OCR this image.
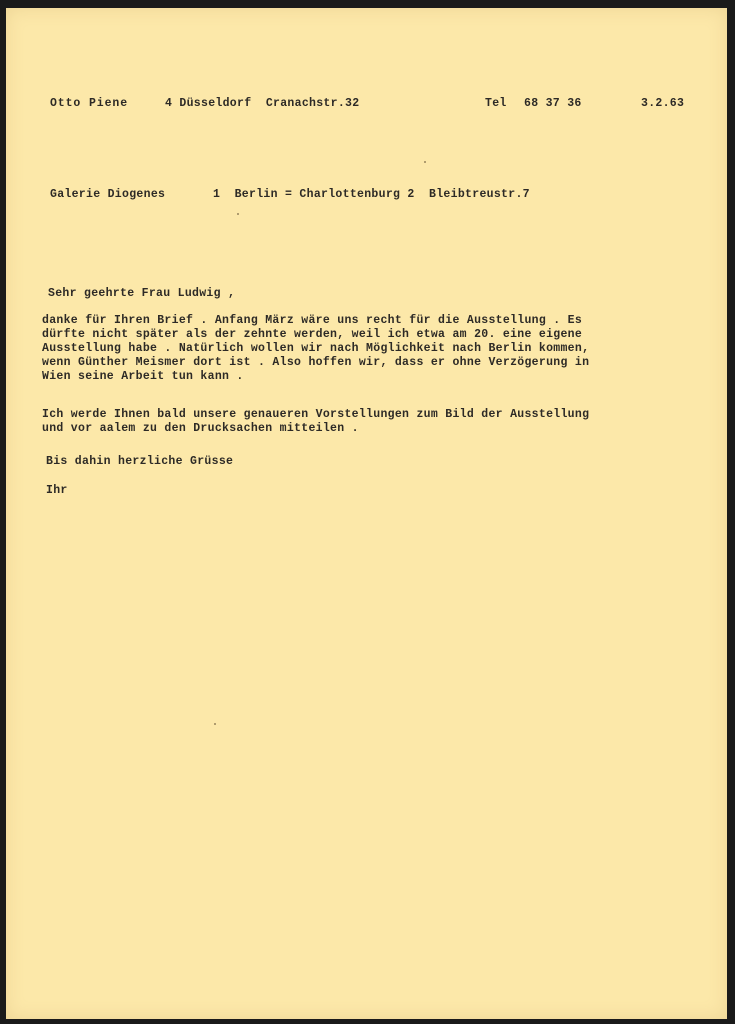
Otto Piene	4 Düsseldorf  Cranachstr.32	Tel 68 37 36	3.2.63
Galerie Diogenes	1  Berlin = Charlottenburg 2  Bleibtreustr.7
Sehr geehrte Frau Ludwig ,
danke für Ihren Brief . Anfang März wäre uns recht für die Ausstellung . Es
dürfte nicht später als der zehnte werden, weil ich etwa am 20. eine eigene
Ausstellung habe . Natürlich wollen wir nach Möglichkeit nach Berlin kommen,
wenn Günther Meismer dort ist . Also hoffen wir, dass er ohne Verzögerung in
Wien seine Arbeit tun kann .
Ich werde Ihnen bald unsere genaueren Vorstellungen zum Bild der Ausstellung
und vor aalem zu den Drucksachen mitteilen .
Bis dahin herzliche Grüsse
Ihr
